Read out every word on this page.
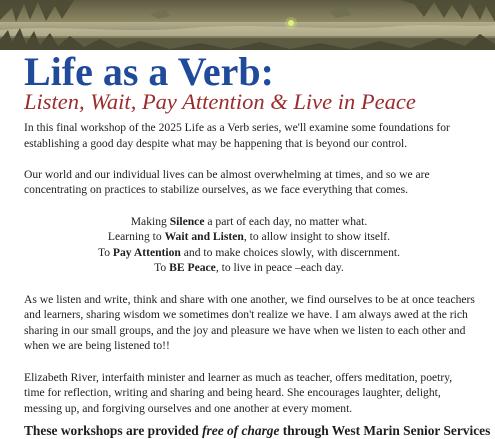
Life as a Verb:
Listen, Wait, Pay Attention & Live in Peace

In this final workshop of the 2025 Life as a Verb series, we'll examine some foundations for

establishing a good day despite what may be happening that is beyond our control.

Our world and our individual lives can be almost overwhelming at times, and so we are

concentrating on practices to stabilize ourselves, as we face everything that comes.

Making Silence a part of each day, no matter what.

Learning to Wait and Listen, to allow insight to show itself.

To Pay Attention and to make choices slowly, with discernment.

To BE Peace, to live in peace –each day.

As we listen and write, think and share with one another, we find ourselves to be at once teachers

and learners, sharing wisdom we sometimes don't realize we have. I am always awed at the rich

sharing in our small groups, and the joy and pleasure we have when we listen to each other and

when we are being listened to!!

Elizabeth River, interfaith minister and learner as much as teacher, offers meditation, poetry,

time for reflection, writing and sharing and being heard. She encourages laughter, delight,

messing up, and forgiving ourselves and one another at every moment.

These workshops are provided free of charge through West Marin Senior Services
